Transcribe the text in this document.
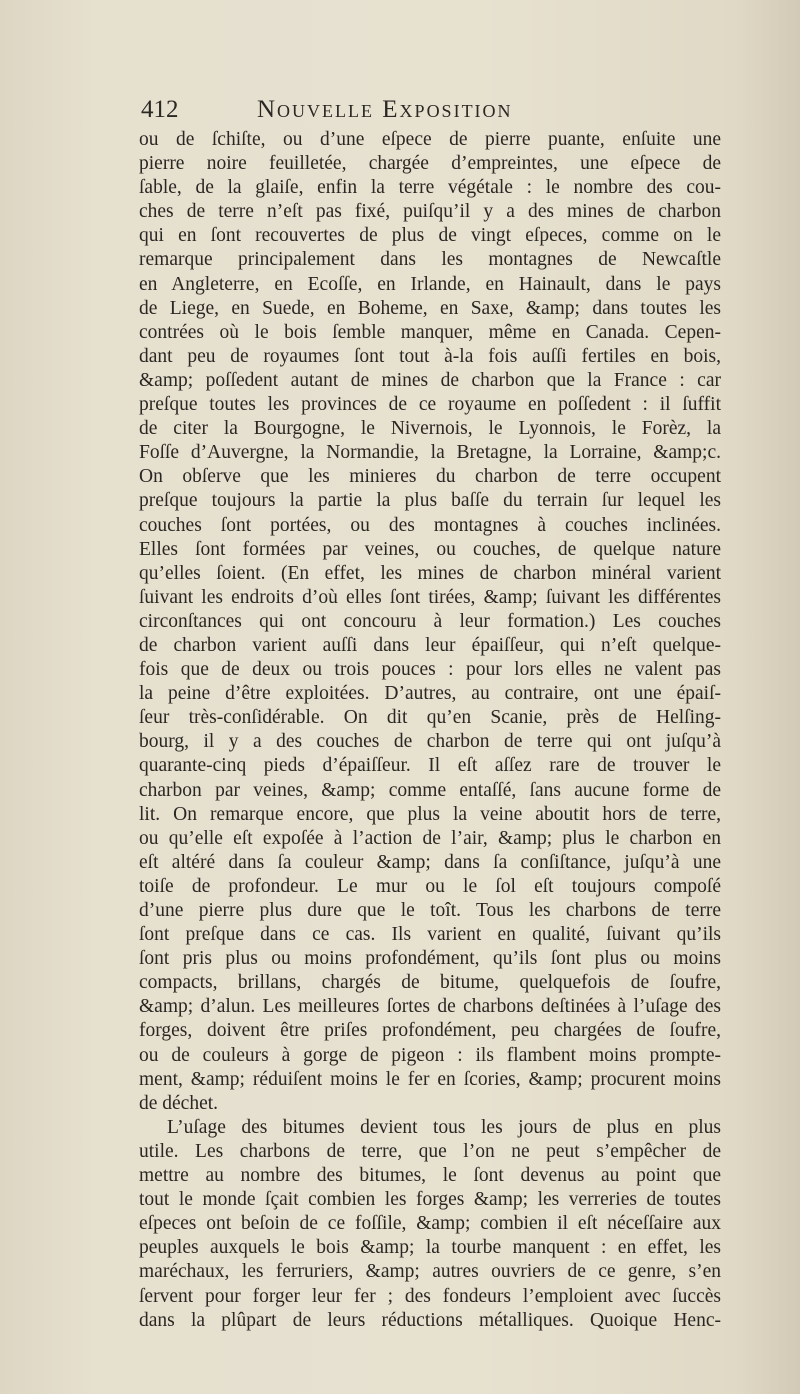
412	Nouvelle Exposition
ou de ſchiſte, ou d’une eſpece de pierre puante, enſuite une
pierre noire feuilletée, chargée d’empreintes, une eſpece de
ſable, de la glaiſe, enfin la terre végétale : le nombre des cou-
ches de terre n’eſt pas fixé, puiſqu’il y a des mines de charbon
qui en ſont recouvertes de plus de vingt eſpeces, comme on le
remarque principalement dans les montagnes de Newcaſtle
en Angleterre, en Ecoſſe, en Irlande, en Hainault, dans le pays
de Liege, en Suede, en Boheme, en Saxe, &amp; dans toutes les
contrées où le bois ſemble manquer, même en Canada. Cepen-
dant peu de royaumes ſont tout à-la fois auſſi fertiles en bois,
&amp; poſſedent autant de mines de charbon que la France : car
preſque toutes les provinces de ce royaume en poſſedent : il ſuffit
de citer la Bourgogne, le Nivernois, le Lyonnois, le Forèz, la
Foſſe d’Auvergne, la Normandie, la Bretagne, la Lorraine, &amp;c.
On obſerve que les minieres du charbon de terre occupent
preſque toujours la partie la plus baſſe du terrain ſur lequel les
couches ſont portées, ou des montagnes à couches inclinées.
Elles ſont formées par veines, ou couches, de quelque nature
qu’elles ſoient. (En effet, les mines de charbon minéral varient
ſuivant les endroits d’où elles ſont tirées, &amp; ſuivant les différentes
circonſtances qui ont concouru à leur formation.) Les couches
de charbon varient auſſi dans leur épaiſſeur, qui n’eſt quelque-
fois que de deux ou trois pouces : pour lors elles ne valent pas
la peine d’être exploitées. D’autres, au contraire, ont une épaiſ-
ſeur très-conſidérable. On dit qu’en Scanie, près de Helſing-
bourg, il y a des couches de charbon de terre qui ont juſqu’à
quarante-cinq pieds d’épaiſſeur. Il eſt aſſez rare de trouver le
charbon par veines, &amp; comme entaſſé, ſans aucune forme de
lit. On remarque encore, que plus la veine aboutit hors de terre,
ou qu’elle eſt expoſée à l’action de l’air, &amp; plus le charbon en
eſt altéré dans ſa couleur &amp; dans ſa conſiſtance, juſqu’à une
toiſe de profondeur. Le mur ou le ſol eſt toujours compoſé
d’une pierre plus dure que le toît. Tous les charbons de terre
ſont preſque dans ce cas. Ils varient en qualité, ſuivant qu’ils
ſont pris plus ou moins profondément, qu’ils ſont plus ou moins
compacts, brillans, chargés de bitume, quelquefois de ſoufre,
&amp; d’alun. Les meilleures ſortes de charbons deſtinées à l’uſage des
forges, doivent être priſes profondément, peu chargées de ſoufre,
ou de couleurs à gorge de pigeon : ils flambent moins prompte-
ment, &amp; réduiſent moins le fer en ſcories, &amp; procurent moins
de déchet.
L’uſage des bitumes devient tous les jours de plus en plus
utile. Les charbons de terre, que l’on ne peut s’empêcher de
mettre au nombre des bitumes, le ſont devenus au point que
tout le monde ſçait combien les forges &amp; les verreries de toutes
eſpeces ont beſoin de ce foſſile, &amp; combien il eſt néceſſaire aux
peuples auxquels le bois &amp; la tourbe manquent : en effet, les
maréchaux, les ferruriers, &amp; autres ouvriers de ce genre, s’en
ſervent pour forger leur fer ; des fondeurs l’emploient avec ſuccès
dans la plûpart de leurs réductions métalliques. Quoique Henc-
